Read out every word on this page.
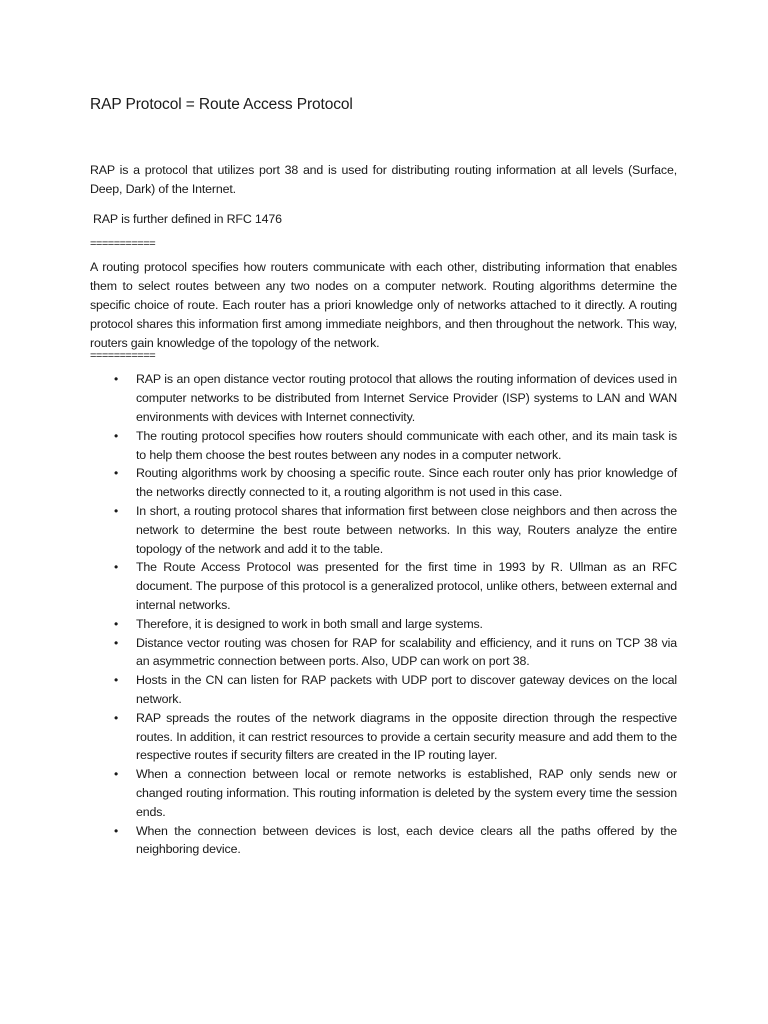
RAP Protocol = Route Access Protocol

RAP is a protocol that utilizes port 38 and is used for distributing routing information at all levels (Surface, Deep, Dark) of the Internet.

RAP is further defined in RFC 1476

===========

A routing protocol specifies how routers communicate with each other, distributing information that enables them to select routes between any two nodes on a computer network. Routing algorithms determine the specific choice of route. Each router has a priori knowledge only of networks attached to it directly. A routing protocol shares this information first among immediate neighbors, and then throughout the network. This way, routers gain knowledge of the topology of the network.

===========
• RAP is an open distance vector routing protocol that allows the routing information of devices used in computer networks to be distributed from Internet Service Provider (ISP) systems to LAN and WAN environments with devices with Internet connectivity.
• The routing protocol specifies how routers should communicate with each other, and its main task is to help them choose the best routes between any nodes in a computer network.
• Routing algorithms work by choosing a specific route. Since each router only has prior knowledge of the networks directly connected to it, a routing algorithm is not used in this case.
• In short, a routing protocol shares that information first between close neighbors and then across the network to determine the best route between networks. In this way, Routers analyze the entire topology of the network and add it to the table.
• The Route Access Protocol was presented for the first time in 1993 by R. Ullman as an RFC document. The purpose of this protocol is a generalized protocol, unlike others, between external and internal networks.
• Therefore, it is designed to work in both small and large systems.
• Distance vector routing was chosen for RAP for scalability and efficiency, and it runs on TCP 38 via an asymmetric connection between ports. Also, UDP can work on port 38.
• Hosts in the CN can listen for RAP packets with UDP port to discover gateway devices on the local network.
• RAP spreads the routes of the network diagrams in the opposite direction through the respective routes. In addition, it can restrict resources to provide a certain security measure and add them to the respective routes if security filters are created in the IP routing layer.
• When a connection between local or remote networks is established, RAP only sends new or changed routing information. This routing information is deleted by the system every time the session ends.
• When the connection between devices is lost, each device clears all the paths offered by the neighboring device.
